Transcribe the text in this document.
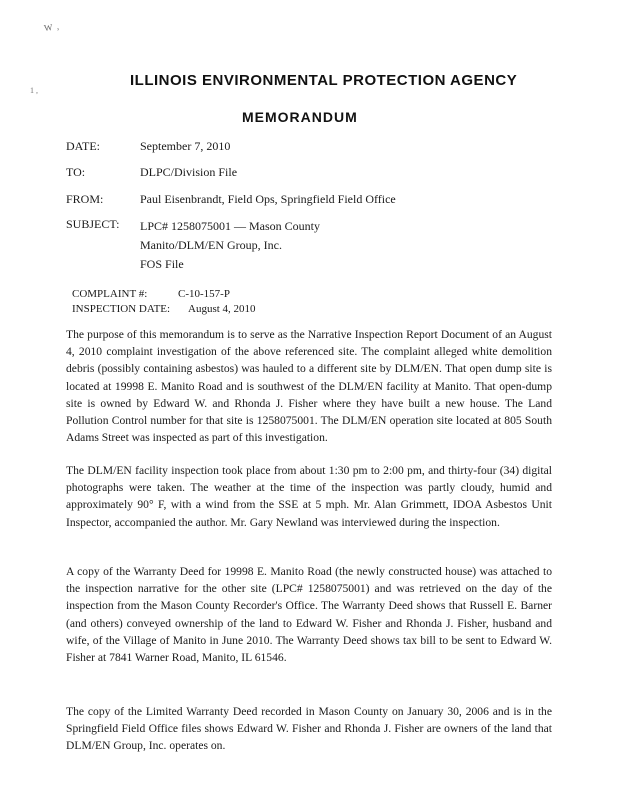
W ,
1 ,
ILLINOIS ENVIRONMENTAL PROTECTION AGENCY
MEMORANDUM
DATE:	September 7, 2010
TO:	DLPC/Division File
FROM:	Paul Eisenbrandt, Field Ops, Springfield Field Office
SUBJECT:	LPC# 1258075001 — Mason County
Manito/DLM/EN Group, Inc.
FOS File
COMPLAINT #:	C-10-157-P
INSPECTION DATE:	August 4, 2010
The purpose of this memorandum is to serve as the Narrative Inspection Report Document of an August 4, 2010 complaint investigation of the above referenced site. The complaint alleged white demolition debris (possibly containing asbestos) was hauled to a different site by DLM/EN. That open dump site is located at 19998 E. Manito Road and is southwest of the DLM/EN facility at Manito. That open-dump site is owned by Edward W. and Rhonda J. Fisher where they have built a new house. The Land Pollution Control number for that site is 1258075001. The DLM/EN operation site located at 805 South Adams Street was inspected as part of this investigation.
The DLM/EN facility inspection took place from about 1:30 pm to 2:00 pm, and thirty-four (34) digital photographs were taken. The weather at the time of the inspection was partly cloudy, humid and approximately 90° F, with a wind from the SSE at 5 mph. Mr. Alan Grimmett, IDOA Asbestos Unit Inspector, accompanied the author. Mr. Gary Newland was interviewed during the inspection.
A copy of the Warranty Deed for 19998 E. Manito Road (the newly constructed house) was attached to the inspection narrative for the other site (LPC# 1258075001) and was retrieved on the day of the inspection from the Mason County Recorder's Office. The Warranty Deed shows that Russell E. Barner (and others) conveyed ownership of the land to Edward W. Fisher and Rhonda J. Fisher, husband and wife, of the Village of Manito in June 2010. The Warranty Deed shows tax bill to be sent to Edward W. Fisher at 7841 Warner Road, Manito, IL 61546.
The copy of the Limited Warranty Deed recorded in Mason County on January 30, 2006 and is in the Springfield Field Office files shows Edward W. Fisher and Rhonda J. Fisher are owners of the land that DLM/EN Group, Inc. operates on.
